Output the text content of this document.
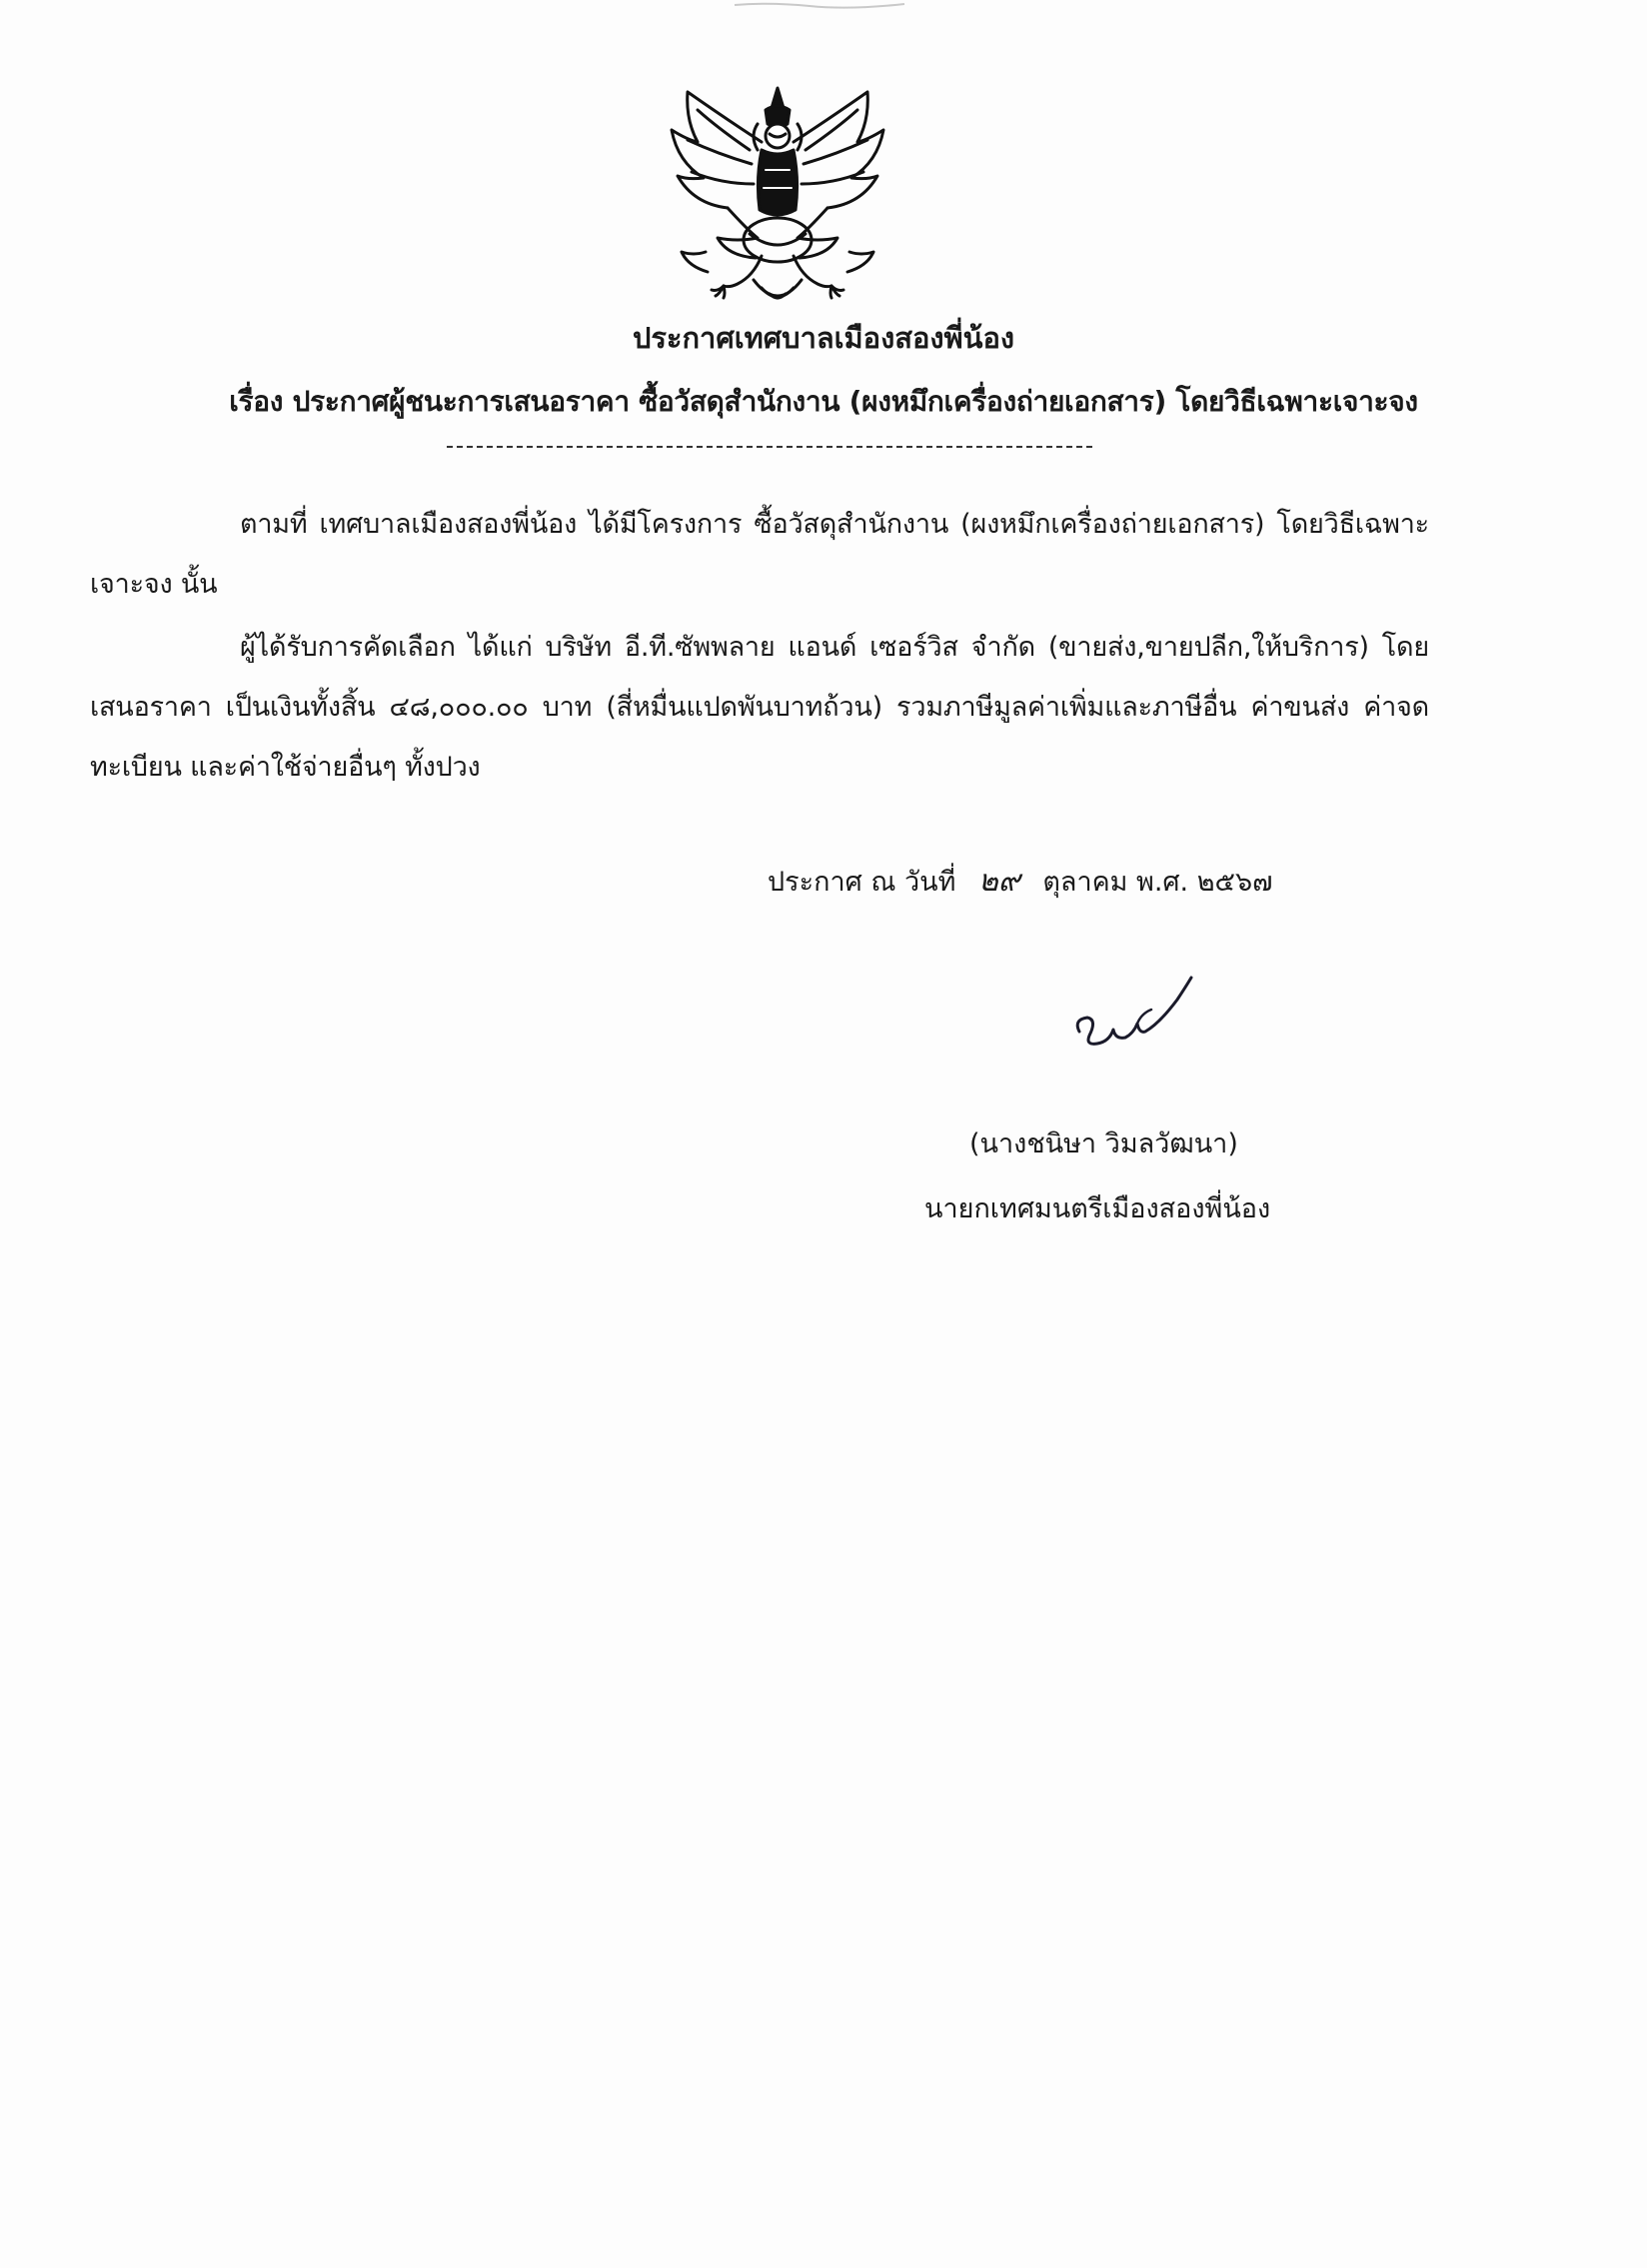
ประกาศเทศบาลเมืองสองพี่น้อง
เรื่อง ประกาศผู้ชนะการเสนอราคา ซื้อวัสดุสำนักงาน (ผงหมึกเครื่องถ่ายเอกสาร) โดยวิธีเฉพาะเจาะจง
ตามที่ เทศบาลเมืองสองพี่น้อง ได้มีโครงการ ซื้อวัสดุสำนักงาน (ผงหมึกเครื่องถ่ายเอกสาร) โดยวิธีเฉพาะเจาะจง นั้น
ผู้ได้รับการคัดเลือก ได้แก่ บริษัท อี.ที.ซัพพลาย แอนด์ เซอร์วิส จำกัด (ขายส่ง,ขายปลีก,ให้บริการ) โดยเสนอราคา เป็นเงินทั้งสิ้น ๔๘,๐๐๐.๐๐ บาท (สี่หมื่นแปดพันบาทถ้วน) รวมภาษีมูลค่าเพิ่มและภาษีอื่น ค่าขนส่ง ค่าจดทะเบียน และค่าใช้จ่ายอื่นๆ ทั้งปวง
ประกาศ ณ วันที่ ๒๙ ตุลาคม พ.ศ. ๒๕๖๗
(นางชนิษา วิมลวัฒนา)
นายกเทศมนตรีเมืองสองพี่น้อง
